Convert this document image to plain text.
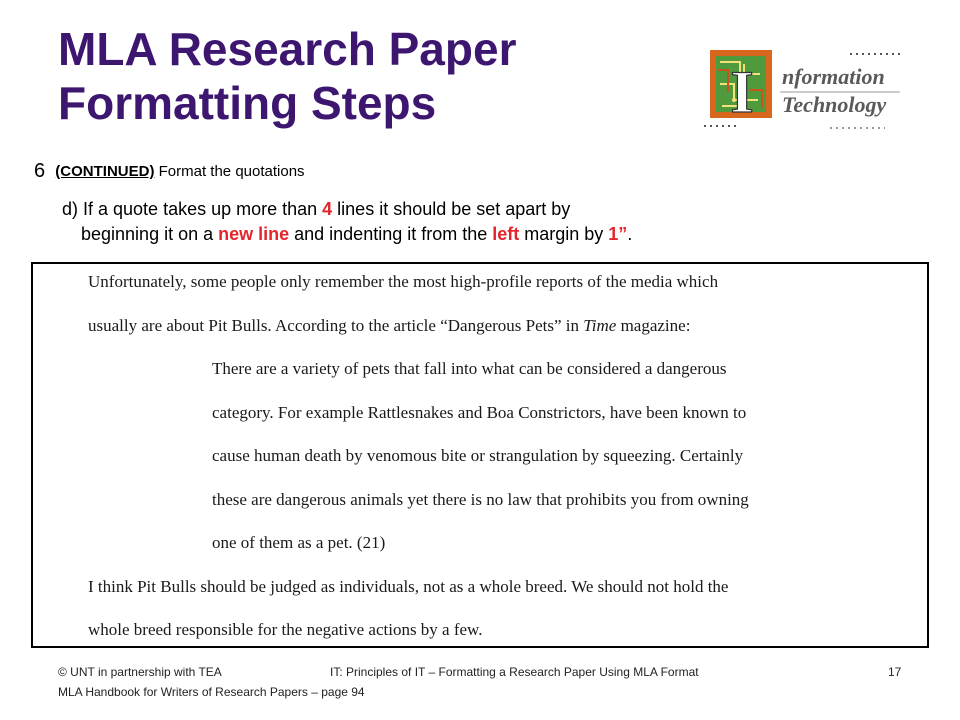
MLA Research Paper
Formatting Steps	I nformation
Technology
6 (CONTINUED) Format the quotations
d) If a quote takes up more than 4 lines it should be set apart by
beginning it on a new line and indenting it from the left margin by 1”.
Unfortunately, some people only remember the most high-profile reports of the media which
usually are about Pit Bulls. According to the article “Dangerous Pets” in Time magazine:
There are a variety of pets that fall into what can be considered a dangerous
category. For example Rattlesnakes and Boa Constrictors, have been known to
cause human death by venomous bite or strangulation by squeezing. Certainly
these are dangerous animals yet there is no law that prohibits you from owning
one of them as a pet. (21)
I think Pit Bulls should be judged as individuals, not as a whole breed. We should not hold the
whole breed responsible for the negative actions by a few.
© UNT in partnership with TEA	IT: Principles of IT – Formatting a Research Paper Using MLA Format	17
MLA Handbook for Writers of Research Papers – page 94
